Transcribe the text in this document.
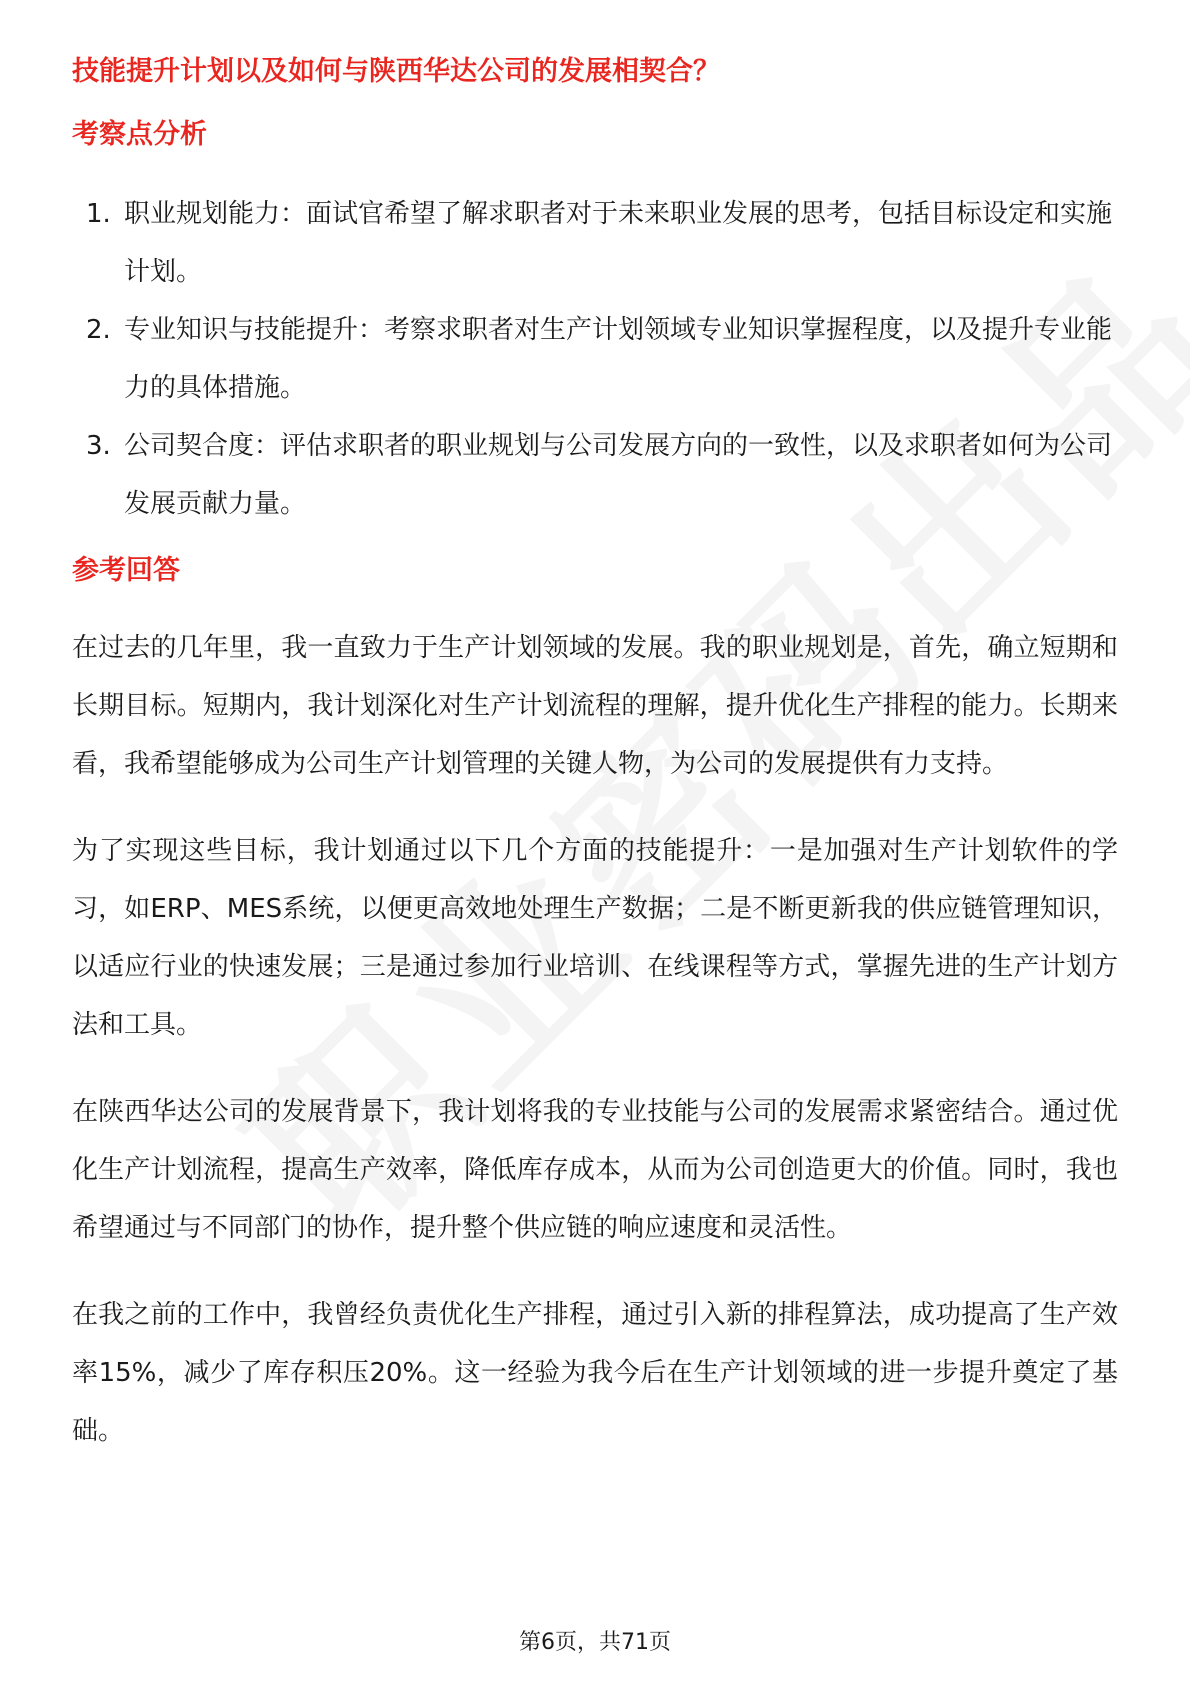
技能提升计划以及如何与陕西华达公司的发展相契合？
考察点分析
1. 职业规划能力：面试官希望了解求职者对于未来职业发展的思考，包括目标设定和实施计划。
2. 专业知识与技能提升：考察求职者对生产计划领域专业知识掌握程度，以及提升专业能力的具体措施。
3. 公司契合度：评估求职者的职业规划与公司发展方向的一致性，以及求职者如何为公司发展贡献力量。
参考回答

在过去的几年里，我一直致力于生产计划领域的发展。我的职业规划是，首先，确立短期和长期目标。短期内，我计划深化对生产计划流程的理解，提升优化生产排程的能力。长期来看，我希望能够成为公司生产计划管理的关键人物，为公司的发展提供有力支持。

为了实现这些目标，我计划通过以下几个方面的技能提升：一是加强对生产计划软件的学习，如ERP、MES系统，以便更高效地处理生产数据；二是不断更新我的供应链管理知识，以适应行业的快速发展；三是通过参加行业培训、在线课程等方式，掌握先进的生产计划方法和工具。

在陕西华达公司的发展背景下，我计划将我的专业技能与公司的发展需求紧密结合。通过优化生产计划流程，提高生产效率，降低库存成本，从而为公司创造更大的价值。同时，我也希望通过与不同部门的协作，提升整个供应链的响应速度和灵活性。

在我之前的工作中，我曾经负责优化生产排程，通过引入新的排程算法，成功提高了生产效率15%，减少了库存积压20%。这一经验为我今后在生产计划领域的进一步提升奠定了基础。

第6页，共71页
